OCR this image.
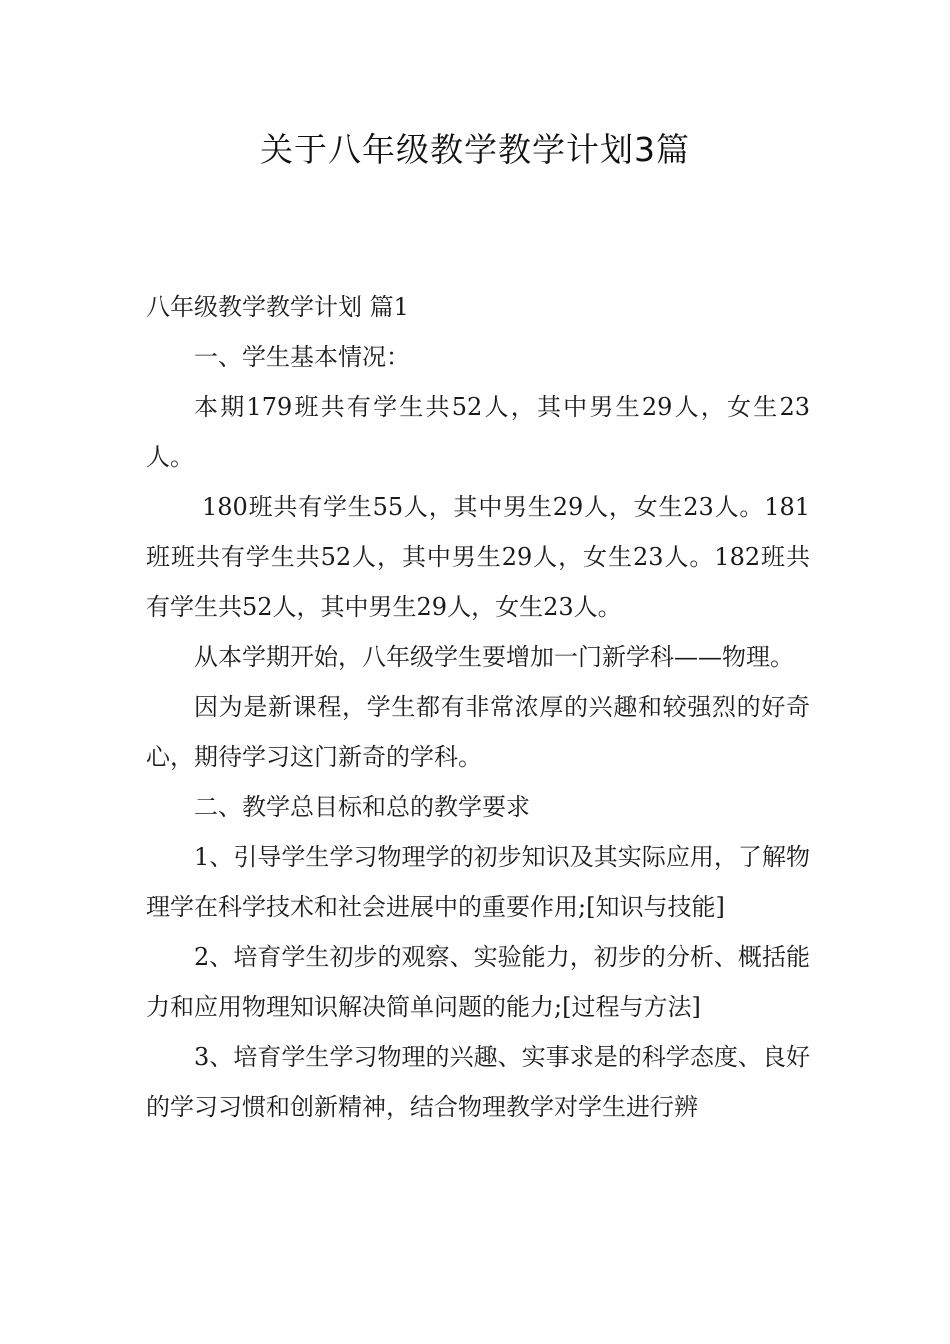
关于八年级教学教学计划3篇

八年级教学教学计划 篇1

一、学生基本情况：

本期179班共有学生共52人，其中男生29人，女生23人。

180班共有学生55人，其中男生29人，女生23人。181班班共有学生共52人，其中男生29人，女生23人。182班共有学生共52人，其中男生29人，女生23人。

从本学期开始，八年级学生要增加一门新学科——物理。

因为是新课程，学生都有非常浓厚的兴趣和较强烈的好奇心，期待学习这门新奇的学科。

二、教学总目标和总的教学要求

1、引导学生学习物理学的初步知识及其实际应用，了解物理学在科学技术和社会进展中的重要作用;[知识与技能]

2、培育学生初步的观察、实验能力，初步的分析、概括能力和应用物理知识解决简单问题的能力;[过程与方法]

3、培育学生学习物理的兴趣、实事求是的科学态度、良好的学习习惯和创新精神，结合物理教学对学生进行辨
